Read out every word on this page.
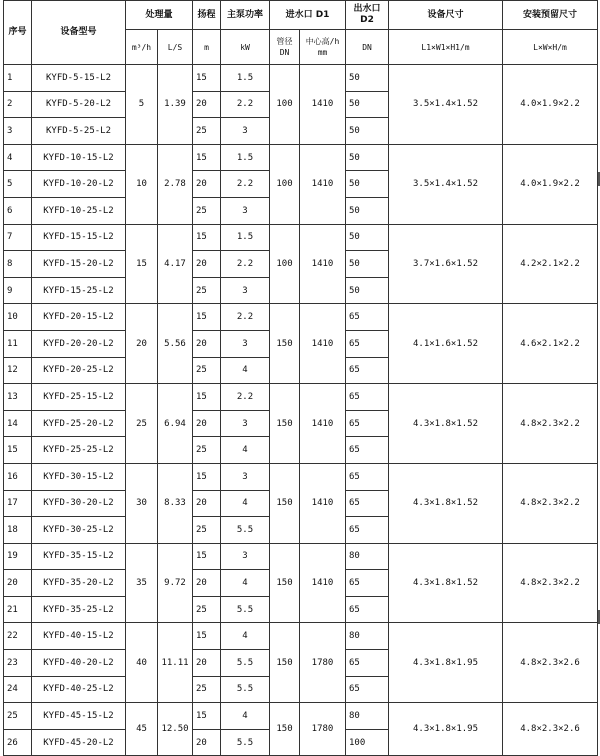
序号	设备型号	处理量		扬程	主泵功率	进水口 D1		出水口 D2	设备尺寸	安装预留尺寸
		m³/h	L/S	m	kW	管径 DN	中心高/h mm	DN	L1×W1×H1/m	L×W×H/m
1	KYFD-5-15-L2	5	1.39	15	1.5	100	1410	50	3.5×1.4×1.52	4.0×1.9×2.2
2	KYFD-5-20-L2			20	2.2			50		
3	KYFD-5-25-L2			25	3			50		
4	KYFD-10-15-L2	10	2.78	15	1.5	100	1410	50	3.5×1.4×1.52	4.0×1.9×2.2
5	KYFD-10-20-L2			20	2.2			50		
6	KYFD-10-25-L2			25	3			50		
7	KYFD-15-15-L2	15	4.17	15	1.5	100	1410	50	3.7×1.6×1.52	4.2×2.1×2.2
8	KYFD-15-20-L2			20	2.2			50		
9	KYFD-15-25-L2			25	3			50		
10	KYFD-20-15-L2	20	5.56	15	2.2	150	1410	65	4.1×1.6×1.52	4.6×2.1×2.2
11	KYFD-20-20-L2			20	3			65		
12	KYFD-20-25-L2			25	4			65		
13	KYFD-25-15-L2	25	6.94	15	2.2	150	1410	65	4.3×1.8×1.52	4.8×2.3×2.2
14	KYFD-25-20-L2			20	3			65		
15	KYFD-25-25-L2			25	4			65		
16	KYFD-30-15-L2	30	8.33	15	3	150	1410	65	4.3×1.8×1.52	4.8×2.3×2.2
17	KYFD-30-20-L2			20	4			65		
18	KYFD-30-25-L2			25	5.5			65		
19	KYFD-35-15-L2	35	9.72	15	3	150	1410	80	4.3×1.8×1.52	4.8×2.3×2.2
20	KYFD-35-20-L2			20	4			65		
21	KYFD-35-25-L2			25	5.5			65		
22	KYFD-40-15-L2	40	11.11	15	4	150	1780	80	4.3×1.8×1.95	4.8×2.3×2.6
23	KYFD-40-20-L2			20	5.5			65		
24	KYFD-40-25-L2			25	5.5			65		
25	KYFD-45-15-L2	45	12.50	15	4	150	1780	80	4.3×1.8×1.95	4.8×2.3×2.6
26	KYFD-45-20-L2			20	5.5			100		
